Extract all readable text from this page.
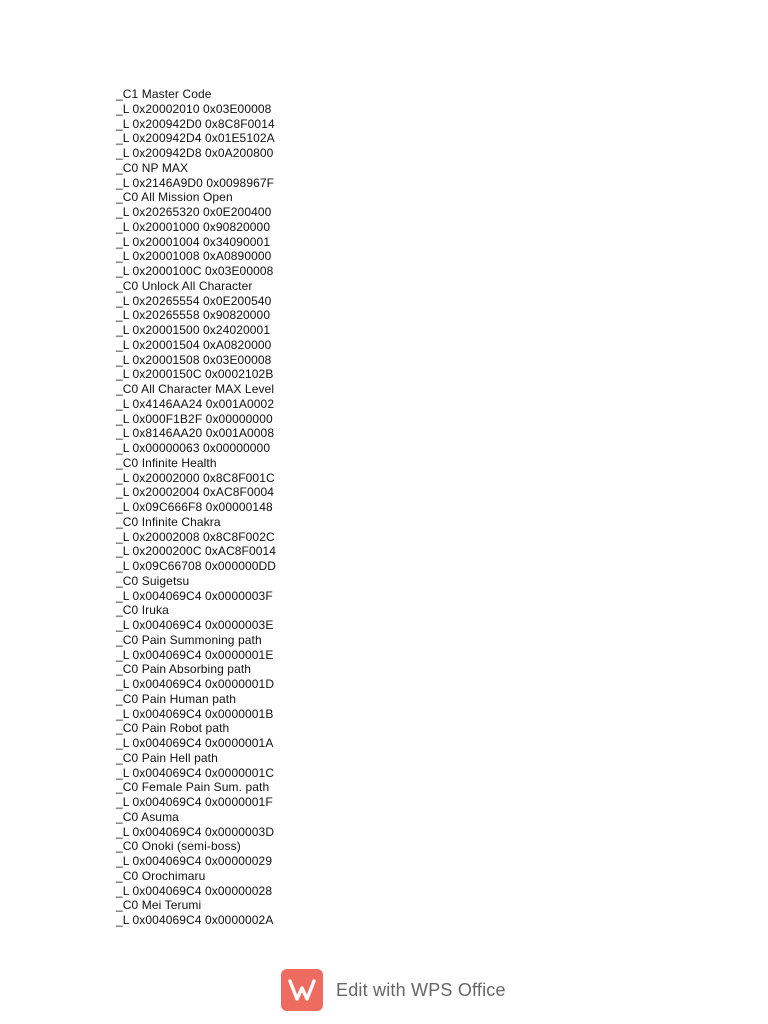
_C1 Master Code
_L 0x20002010 0x03E00008
_L 0x200942D0 0x8C8F0014
_L 0x200942D4 0x01E5102A
_L 0x200942D8 0x0A200800
_C0 NP MAX
_L 0x2146A9D0 0x0098967F
_C0 All Mission Open
_L 0x20265320 0x0E200400
_L 0x20001000 0x90820000
_L 0x20001004 0x34090001
_L 0x20001008 0xA0890000
_L 0x2000100C 0x03E00008
_C0 Unlock All Character
_L 0x20265554 0x0E200540
_L 0x20265558 0x90820000
_L 0x20001500 0x24020001
_L 0x20001504 0xA0820000
_L 0x20001508 0x03E00008
_L 0x2000150C 0x0002102B
_C0 All Character MAX Level
_L 0x4146AA24 0x001A0002
_L 0x000F1B2F 0x00000000
_L 0x8146AA20 0x001A0008
_L 0x00000063 0x00000000
_C0 Infinite Health
_L 0x20002000 0x8C8F001C
_L 0x20002004 0xAC8F0004
_L 0x09C666F8 0x00000148
_C0 Infinite Chakra
_L 0x20002008 0x8C8F002C
_L 0x2000200C 0xAC8F0014
_L 0x09C66708 0x000000DD
_C0 Suigetsu
_L 0x004069C4 0x0000003F
_C0 Iruka
_L 0x004069C4 0x0000003E
_C0 Pain Summoning path
_L 0x004069C4 0x0000001E
_C0 Pain Absorbing path
_L 0x004069C4 0x0000001D
_C0 Pain Human path
_L 0x004069C4 0x0000001B
_C0 Pain Robot path
_L 0x004069C4 0x0000001A
_C0 Pain Hell path
_L 0x004069C4 0x0000001C
_C0 Female Pain Sum. path
_L 0x004069C4 0x0000001F
_C0 Asuma
_L 0x004069C4 0x0000003D
_C0 Onoki (semi-boss)
_L 0x004069C4 0x00000029
_C0 Orochimaru
_L 0x004069C4 0x00000028
_C0 Mei Terumi
_L 0x004069C4 0x0000002A
Edit with WPS Office
